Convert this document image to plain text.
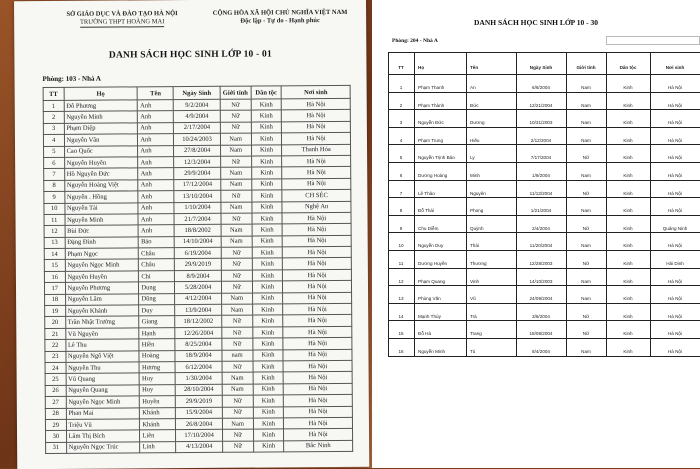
SỞ GIÁO DỤC VÀ ĐÀO TẠO HÀ NỘI
TRƯỜNG THPT HOÀNG MAI
CỘNG HÒA XÃ HỘI CHỦ NGHĨA VIỆT NAM
Độc lập - Tự do - Hạnh phúc
DANH SÁCH HỌC SINH LỚP 10 - 01
Phòng: 103 - Nhà A
TT	Họ	Tên	Ngày Sinh	Giới tính	Dân tộc	Nơi sinh
1	Đỗ Phương	Anh	9/2/2004	Nữ	Kinh	Hà Nội
2	Nguyễn Minh	Anh	4/9/2004	Nữ	Kinh	Hà Nội
3	Phạm Diệp	Anh	2/17/2004	Nữ	Kinh	Hà Nội
4	Nguyễn Vân	Anh	10/24/2003	Nam	Kinh	Hà Nội
5	Cao Quốc	Anh	27/8/2004	Nam	Kinh	Thanh Hóa
6	Nguyễn Huyền	Anh	12/3/2004	Nữ	Kinh	Hà Nội
7	Hồ Nguyễn Đức	Anh	29/9/2004	Nam	Kinh	Hà Nội
8	Nguyễn Hoàng Việt	Anh	17/12/2004	Nam	Kinh	Hà Nội
9	Nguyễn . Hồng	Anh	13/10/2004	Nữ	Kinh	CH SÉC
10	Nguyễn Tài	Anh	1/10/2004	Nam	Kinh	Nghệ An
11	Nguyễn Minh	Anh	21/7/2004	Nữ	Kinh	Hà Nội
12	Bùi Đức	Anh	18/8/2002	Nam	Kinh	Hà Nội
13	Đặng Đình	Bảo	14/10/2004	Nam	Kinh	Hà Nội
14	Phạm Ngọc	Châu	6/19/2004	Nữ	Kinh	Hà Nội
15	Nguyễn Ngọc Minh	Châu	29/9/2019	Nữ	Kinh	Hà Nội
16	Nguyễn Huyền	Chi	8/9/2004	Nữ	Kinh	Hà Nội
17	Nguyễn Phương	Dung	5/28/2004	Nữ	Kinh	Hà Nội
18	Nguyễn Lâm	Dũng	4/12/2004	Nam	Kinh	Hà Nội
19	Nguyễn Khánh	Duy	13/9/2004	Nam	Kinh	Hà Nội
20	Trần Nhật Trường	Giang	18/12/2002	Nữ	Kinh	Hà Nội
21	Vũ Nguyên	Hạnh	12/26/2004	Nữ	Kinh	Hà Nội
22	Lê Thu	Hiền	8/25/2004	Nữ	Kinh	Hà Nội
23	Nguyễn Ngô Việt	Hoàng	18/9/2004	nam	Kinh	Hà Nội
24	Nguyễn Thu	Hương	6/12/2004	Nữ	Kinh	Hà Nội
25	Vũ Quang	Huy	1/30/2004	Nam	Kinh	Hà Nội
26	Nguyễn Quang	Huy	28/10/2004	Nam	Kinh	Hà Nội
27	Nguyễn Ngọc Minh	Huyền	29/9/2019	Nữ	Kinh	Hà Nội
28	Phan Mai	Khánh	15/9/2004	Nữ	Kinh	Hà Nội
29	Triệu Vũ	Khánh	26/8/2004	Nam	Kinh	Hà Nội
30	Lâm Thị Bích	Liên	17/10/2004	Nữ	Kinh	Hà Nội
31	Nguyễn Ngọc Trúc	Linh	4/13/2004	Nữ	Kinh	Bắc Ninh
DANH SÁCH HỌC SINH LỚP 10 - 30
Phòng: 204 - Nhà A
TT	Họ	Tên	Ngày Sinh	Giới tính	Dân tộc	Nơi sinh
1	Phạm Thanh	An	6/6/2004	Nam	Kinh	Hà Nội
2	Phạm Thành	Đức	12/21/2004	Nam	Kinh	Hà Nội
3	Nguyễn Đức	Dương	10/31/2003	Nam	Kinh	Hà Nội
4	Phạm Trung	Hiếu	2/12/2004	Nam	Kinh	Hà Nội
5	Nguyễn Trịnh Bảo	Ly	7/17/2004	Nữ	Kinh	Hà Nội
6	Dương Hoàng	Minh	1/9/2004	Nam	Kinh	Hà Nội
7	Lê Thảo	Nguyên	11/13/2004	Nữ	Kinh	Hà Nội
8	Đỗ Thái	Phong	1/21/2004	Nam	Kinh	Hà Nội
9	Chu Diễm	Quỳnh	2/4/2004	Nữ	Kinh	Quảng Ninh
10	Nguyễn Duy	Thái	11/20/2004	Nam	Kinh	Hà Nội
11	Dương Huyền	Thương	12/28/2003	Nữ	Kinh	Hải Dinh
12	Phạm Quang	Vinh	14/10/2003	Nam	Kinh	Hà Nội
13	Phùng Văn	Vũ	24/09/2004	Nam	Kinh	Hà Nội
14	Mạnh Thùy	Trà	3/6/2004	Nữ	Kinh	Hà Nội
15	Đỗ Hà	Trang	18/08/2004	Nữ	Kinh	Hà Nội
16	Nguyễn Minh	Tú	8/4/2004	Nam	Kinh	Hà Nội
